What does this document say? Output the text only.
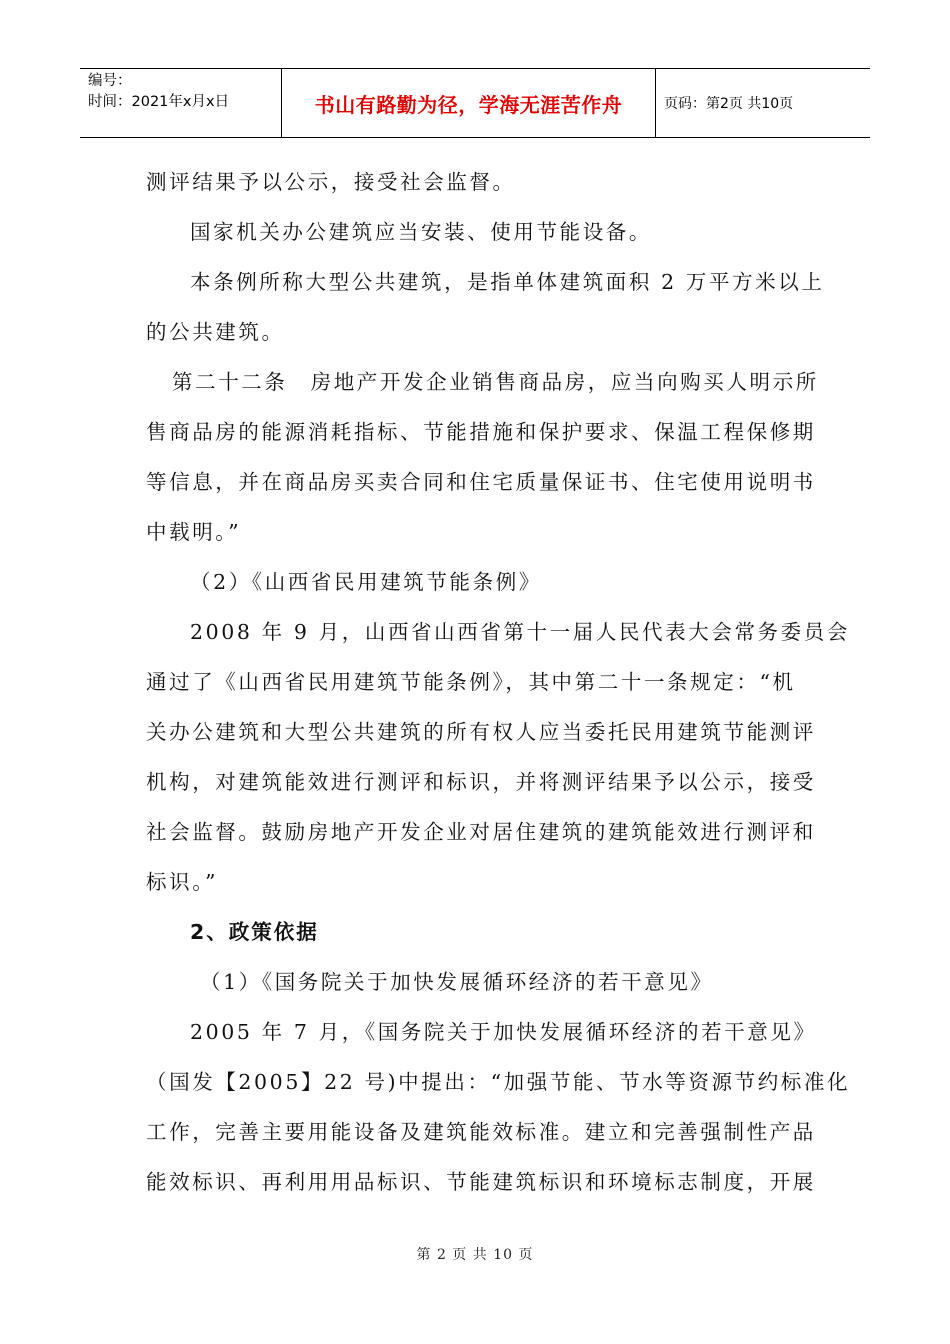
编号：
时间：2021年x月x日	书山有路勤为径，学海无涯苦作舟	页码：第2页 共10页

测评结果予以公示，接受社会监督。

国家机关办公建筑应当安装、使用节能设备。

本条例所称大型公共建筑，是指单体建筑面积 2 万平方米以上

的公共建筑。

第二十二条　房地产开发企业销售商品房，应当向购买人明示所

售商品房的能源消耗指标、节能措施和保护要求、保温工程保修期

等信息，并在商品房买卖合同和住宅质量保证书、住宅使用说明书

中载明。”

（2）《山西省民用建筑节能条例》

2008 年 9 月，山西省山西省第十一届人民代表大会常务委员会

通过了《山西省民用建筑节能条例》，其中第二十一条规定：“机

关办公建筑和大型公共建筑的所有权人应当委托民用建筑节能测评

机构，对建筑能效进行测评和标识，并将测评结果予以公示，接受

社会监督。鼓励房地产开发企业对居住建筑的建筑能效进行测评和

标识。”

2、政策依据

（1）《国务院关于加快发展循环经济的若干意见》

2005 年 7 月，《国务院关于加快发展循环经济的若干意见》

（国发【2005】22 号)中提出：“加强节能、节水等资源节约标准化

工作，完善主要用能设备及建筑能效标准。建立和完善强制性产品

能效标识、再利用用品标识、节能建筑标识和环境标志制度，开展

第 2 页 共 10 页
